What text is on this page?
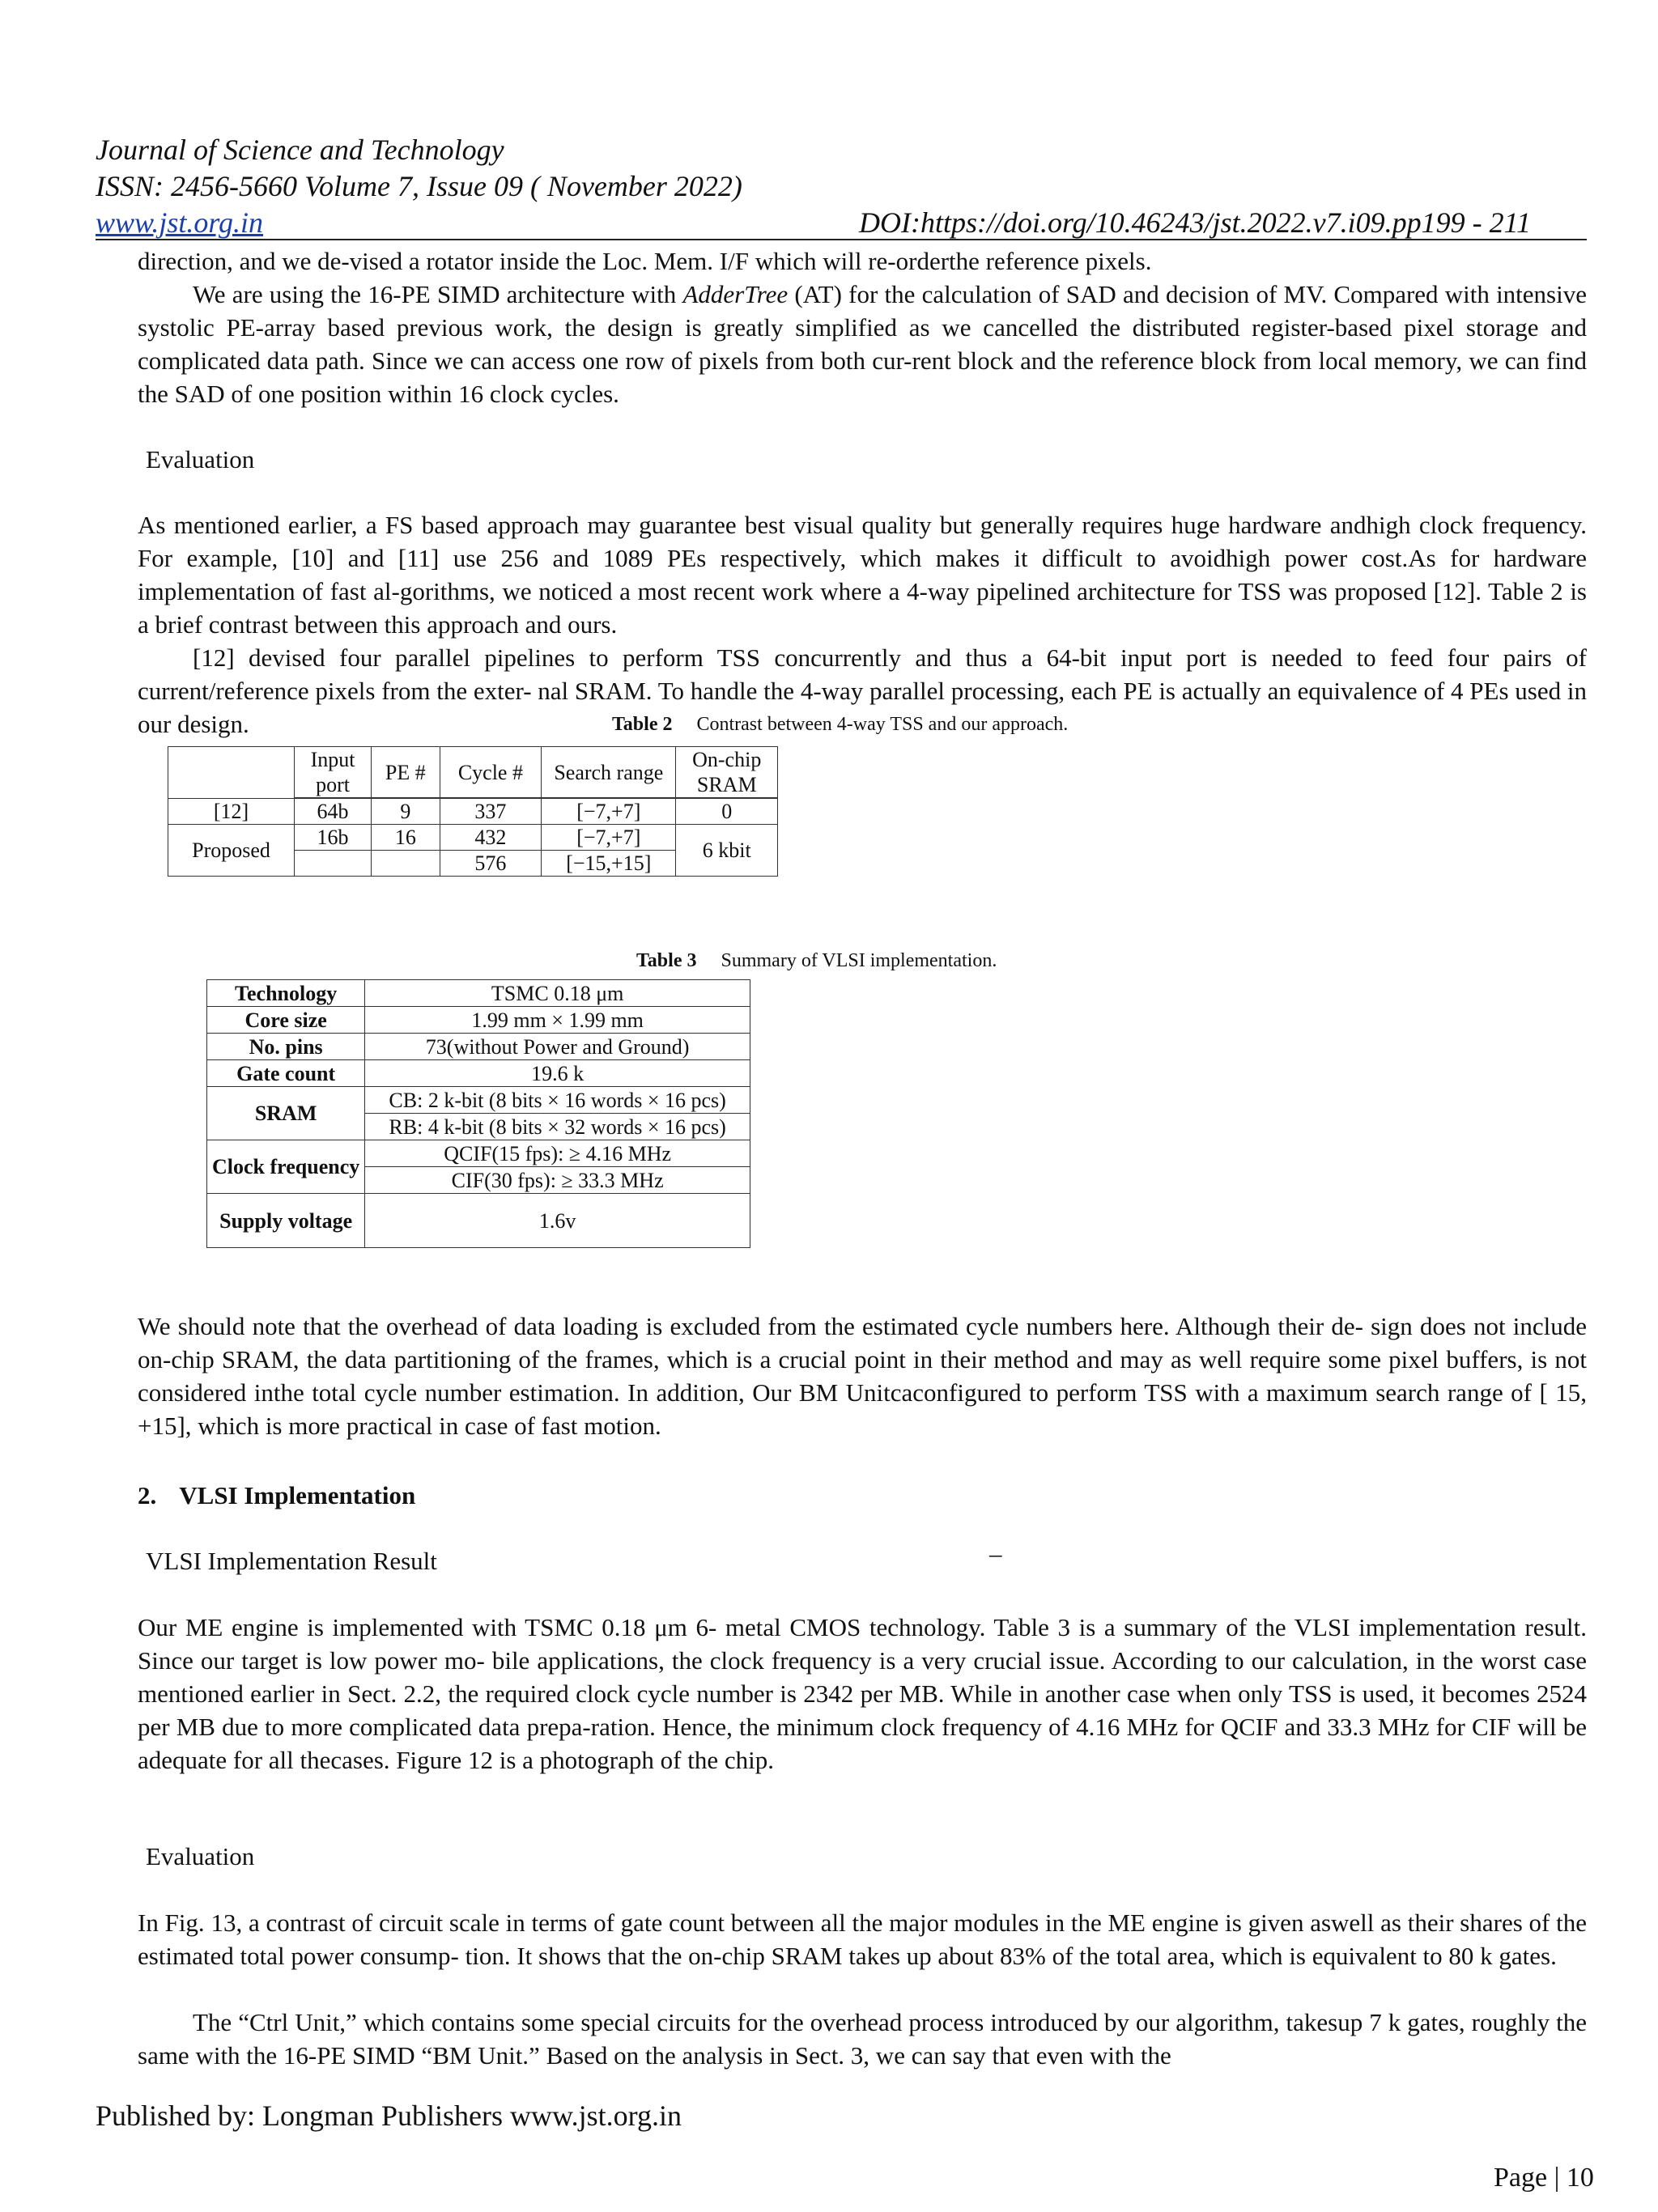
Journal of Science and Technology
ISSN: 2456-5660 Volume 7, Issue 09 ( November 2022)
www.jst.org.in	DOI:https://doi.org/10.46243/jst.2022.v7.i09.pp199 - 211
direction, and we de-vised a rotator inside the Loc. Mem. I/F which will re-orderthe reference pixels.
We are using the 16-PE SIMD architecture with AdderTree (AT) for the calculation of SAD and decision of MV. Compared with intensive systolic PE-array based previous work, the design is greatly simplified as we cancelled the distributed register-based pixel storage and complicated data path. Since we can access one row of pixels from both cur-rent block and the reference block from local memory, we can find the SAD of one position within 16 clock cycles.
Evaluation
As mentioned earlier, a FS based approach may guarantee best visual quality but generally requires huge hardware andhigh clock frequency. For example, [10] and [11] use 256 and 1089 PEs respectively, which makes it difficult to avoidhigh power cost.As for hardware implementation of fast al-gorithms, we noticed a most recent work where a 4-way pipelined architecture for TSS was proposed [12]. Table 2 is a brief contrast between this approach and ours.
[12] devised four parallel pipelines to perform TSS concurrently and thus a 64-bit input port is needed to feed four pairs of current/reference pixels from the exter- nal SRAM. To handle the 4-way parallel processing, each PE is actually an equivalence of 4 PEs used in our design.	Table 2 Contrast between 4-way TSS and our approach.
	Input port	PE #	Cycle #	Search range	On-chip SRAM

[12]	64b	9	337	[−7,+7]	0
Proposed	16b	16	432	[−7,+7]	6 kbit
			576	[−15,+15]	
Table 3 Summary of VLSI implementation.
Technology	TSMC 0.18 μm
Core size	1.99 mm × 1.99 mm
No. pins	73(without Power and Ground)
Gate count	19.6 k
SRAM	CB: 2 k-bit (8 bits × 16 words × 16 pcs)
	RB: 4 k-bit (8 bits × 32 words × 16 pcs)
Clock frequency	QCIF(15 fps): ≥ 4.16 MHz
	CIF(30 fps): ≥ 33.3 MHz
Supply voltage	1.6v
We should note that the overhead of data loading is excluded from the estimated cycle numbers here. Although their de- sign does not include on-chip SRAM, the data partitioning of the frames, which is a crucial point in their method and may as well require some pixel buffers, is not considered inthe total cycle number estimation. In addition, Our BM Unitcaconfigured to perform TSS with a maximum search range of [ 15, +15], which is more practical in case of fast motion.
2. VLSI Implementation
VLSI Implementation Result	–
Our ME engine is implemented with TSMC 0.18 μm 6- metal CMOS technology. Table 3 is a summary of the VLSI implementation result. Since our target is low power mo- bile applications, the clock frequency is a very crucial issue. According to our calculation, in the worst case mentioned earlier in Sect. 2.2, the required clock cycle number is 2342 per MB. While in another case when only TSS is used, it becomes 2524 per MB due to more complicated data prepa-ration. Hence, the minimum clock frequency of 4.16 MHz for QCIF and 33.3 MHz for CIF will be adequate for all thecases. Figure 12 is a photograph of the chip.
Evaluation
In Fig. 13, a contrast of circuit scale in terms of gate count between all the major modules in the ME engine is given aswell as their shares of the estimated total power consump- tion. It shows that the on-chip SRAM takes up about 83% of the total area, which is equivalent to 80 k gates.
The “Ctrl Unit,” which contains some special circuits for the overhead process introduced by our algorithm, takesup 7 k gates, roughly the same with the 16-PE SIMD “BM Unit.” Based on the analysis in Sect. 3, we can say that even with the
Published by: Longman Publishers www.jst.org.in
Page | 10
